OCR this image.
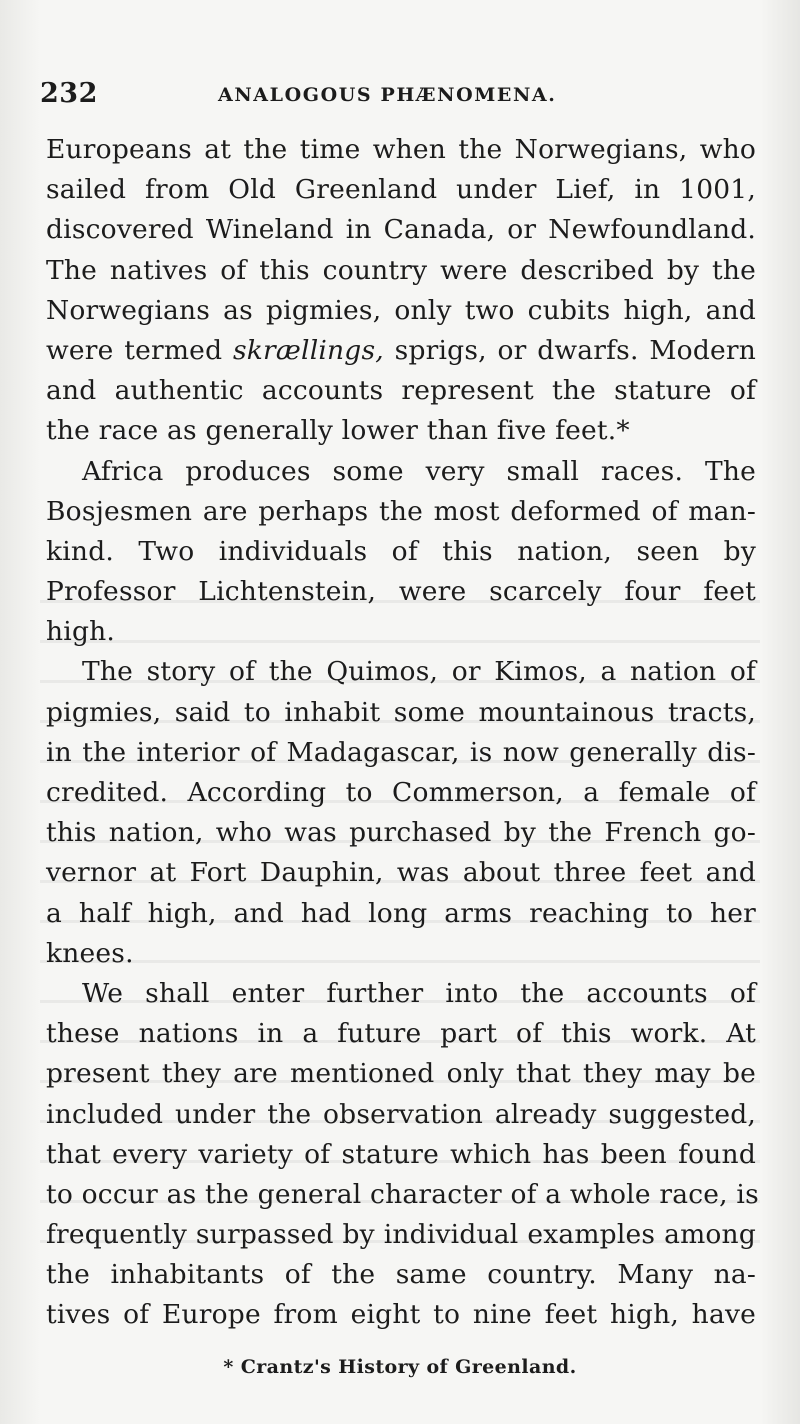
232	ANALOGOUS PHÆNOMENA.
Europeans at the time when the Norwegians, who
sailed from Old Greenland under Lief, in 1001,
discovered Wineland in Canada, or Newfoundland.
The natives of this country were described by the
Norwegians as pigmies, only two cubits high, and
were termed skrællings, sprigs, or dwarfs. Modern
and authentic accounts represent the stature of
the race as generally lower than five feet.*
Africa produces some very small races. The
Bosjesmen are perhaps the most deformed of man-
kind. Two individuals of this nation, seen by
Professor Lichtenstein, were scarcely four feet
high.
The story of the Quimos, or Kimos, a nation of
pigmies, said to inhabit some mountainous tracts,
in the interior of Madagascar, is now generally dis-
credited. According to Commerson, a female of
this nation, who was purchased by the French go-
vernor at Fort Dauphin, was about three feet and
a half high, and had long arms reaching to her
knees.
We shall enter further into the accounts of
these nations in a future part of this work. At
present they are mentioned only that they may be
included under the observation already suggested,
that every variety of stature which has been found
to occur as the general character of a whole race, is
frequently surpassed by individual examples among
the inhabitants of the same country. Many na-
tives of Europe from eight to nine feet high, have
* Crantz's History of Greenland.
